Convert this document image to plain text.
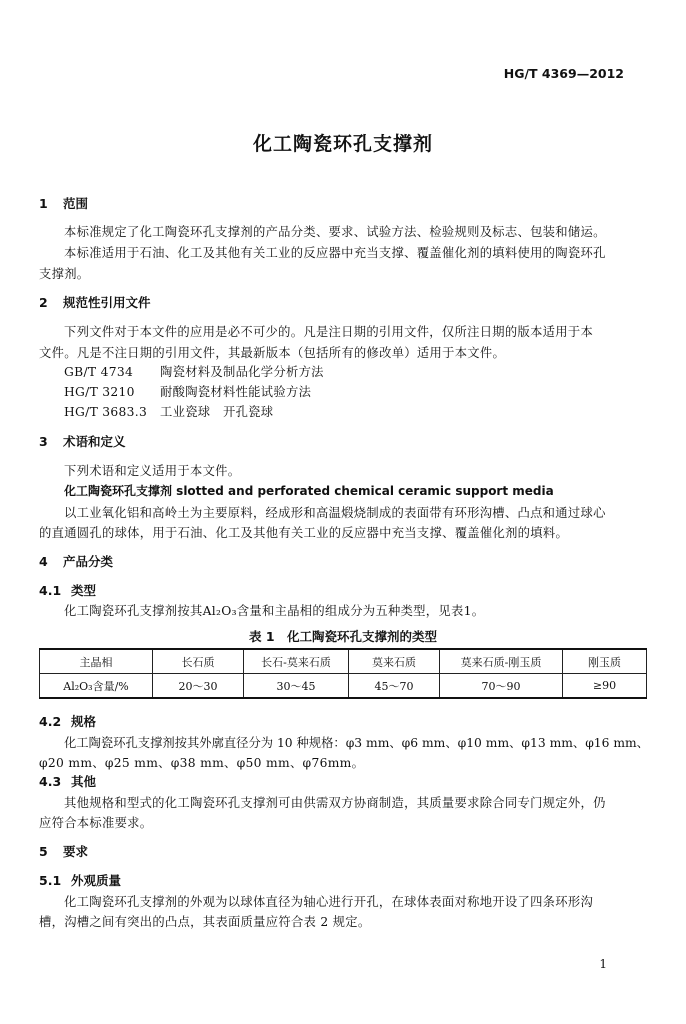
HG/T 4369—2012
化工陶瓷环孔支撑剂
1 范围
本标准规定了化工陶瓷环孔支撑剂的产品分类、要求、试验方法、检验规则及标志、包装和储运。
本标准适用于石油、化工及其他有关工业的反应器中充当支撑、覆盖催化剂的填料使用的陶瓷环孔
支撑剂。
2 规范性引用文件
下列文件对于本文件的应用是必不可少的。凡是注日期的引用文件，仅所注日期的版本适用于本
文件。凡是不注日期的引用文件，其最新版本（包括所有的修改单）适用于本文件。
GB/T 4734 陶瓷材料及制品化学分析方法
HG/T 3210 耐酸陶瓷材料性能试验方法
HG/T 3683.3 工业瓷球　开孔瓷球
3 术语和定义
下列术语和定义适用于本文件。
化工陶瓷环孔支撑剂 slotted and perforated chemical ceramic support media
以工业氧化铝和高岭土为主要原料，经成形和高温煅烧制成的表面带有环形沟槽、凸点和通过球心
的直通圆孔的球体，用于石油、化工及其他有关工业的反应器中充当支撑、覆盖催化剂的填料。
4 产品分类
4.1 类型
化工陶瓷环孔支撑剂按其Al₂O₃含量和主晶相的组成分为五种类型，见表1。
表 1　化工陶瓷环孔支撑剂的类型
主晶相	长石质	长石-莫来石质	莫来石质	莫来石质-刚玉质	刚玉质
Al₂O₃含量/%	20～30	30～45	45～70	70～90	≥90
4.2 规格
化工陶瓷环孔支撑剂按其外廓直径分为 10 种规格：φ3 mm、φ6 mm、φ10 mm、φ13 mm、φ16 mm、
φ20 mm、φ25 mm、φ38 mm、φ50 mm、φ76mm。
4.3 其他
其他规格和型式的化工陶瓷环孔支撑剂可由供需双方协商制造，其质量要求除合同专门规定外，仍
应符合本标准要求。
5 要求
5.1 外观质量
化工陶瓷环孔支撑剂的外观为以球体直径为轴心进行开孔，在球体表面对称地开设了四条环形沟
槽，沟槽之间有突出的凸点，其表面质量应符合表 2 规定。
1
